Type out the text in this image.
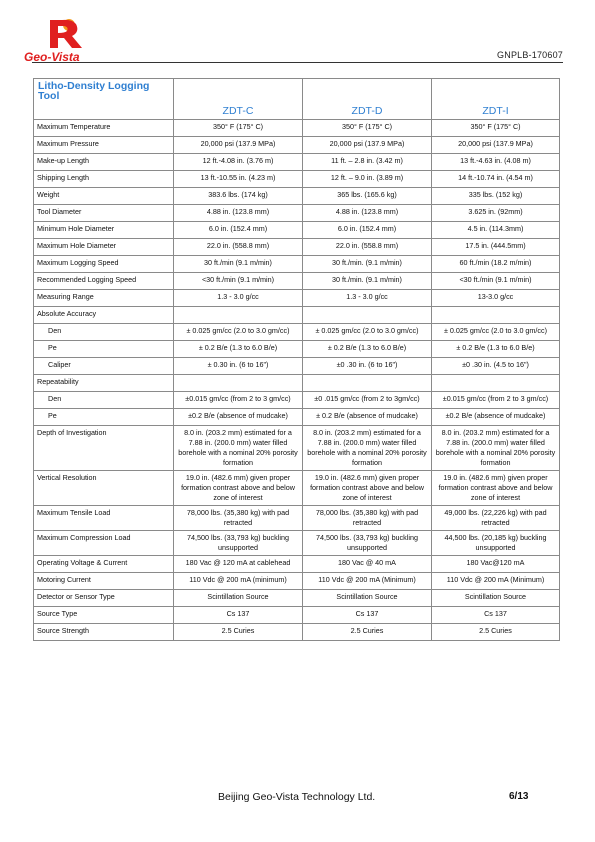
Geo-Vista	GNPLB-170607
Litho-Density Logging Tool			
	ZDT-C	ZDT-D	ZDT-I
Maximum Temperature	350° F (175° C)	350° F (175° C)	350° F (175° C)
Maximum Pressure	20,000 psi (137.9 MPa)	20,000 psi (137.9 MPa)	20,000 psi (137.9 MPa)
Make-up Length	12 ft.-4.08 in. (3.76 m)	11 ft. – 2.8 in. (3.42 m)	13 ft.-4.63 in. (4.08 m)
Shipping Length	13 ft.-10.55 in. (4.23 m)	12 ft. – 9.0 in. (3.89 m)	14 ft.-10.74 in. (4.54 m)
Weight	383.6 lbs. (174 kg)	365 lbs. (165.6 kg)	335 lbs. (152 kg)
Tool Diameter	4.88 in. (123.8 mm)	4.88 in. (123.8 mm)	3.625 in. (92mm)
Minimum Hole Diameter	6.0 in. (152.4 mm)	6.0 in. (152.4 mm)	4.5 in. (114.3mm)
Maximum Hole Diameter	22.0 in. (558.8 mm)	22.0 in. (558.8 mm)	17.5 in. (444.5mm)
Maximum Logging Speed	30 ft./min (9.1 m/min)	30 ft./min. (9.1 m/min)	60 ft./min (18.2 m/min)
Recommended Logging Speed	<30 ft./min (9.1 m/min)	30 ft./min. (9.1 m/min)	<30 ft./min (9.1 m/min)
Measuring Range	1.3 - 3.0 g/cc	1.3 - 3.0 g/cc	13-3.0 g/cc
Absolute Accuracy			
Den	± 0.025 gm/cc (2.0 to 3.0 gm/cc)	± 0.025 gm/cc (2.0 to 3.0 gm/cc)	± 0.025 gm/cc (2.0 to 3.0 gm/cc)
Pe	± 0.2 B/e (1.3 to 6.0 B/e)	± 0.2 B/e (1.3 to 6.0 B/e)	± 0.2 B/e (1.3 to 6.0 B/e)
Caliper	± 0.30 in. (6 to 16")	±0 .30 in. (6 to 16")	±0 .30 in. (4.5 to 16")
Repeatability			
Den	±0.015 gm/cc (from 2 to 3 gm/cc)	±0 .015 gm/cc (from 2 to 3gm/cc)	±0.015 gm/cc (from 2 to 3 gm/cc)
Pe	±0.2 B/e (absence of mudcake)	± 0.2 B/e (absence of mudcake)	±0.2 B/e (absence of mudcake)
Depth of Investigation	8.0 in. (203.2 mm) estimated for a 7.88 in. (200.0 mm) water filled borehole with a nominal 20% porosity formation	8.0 in. (203.2 mm) estimated for a 7.88 in. (200.0 mm) water filled borehole with a nominal 20% porosity formation	8.0 in. (203.2 mm) estimated for a 7.88 in. (200.0 mm) water filled borehole with a nominal 20% porosity formation
Vertical Resolution	19.0 in. (482.6 mm) given proper formation contrast above and below zone of interest	19.0 in. (482.6 mm) given proper formation contrast above and below zone of interest	19.0 in. (482.6 mm) given proper formation contrast above and below zone of interest
Maximum Tensile Load	78,000 lbs. (35,380 kg) with pad retracted	78,000 lbs. (35,380 kg) with pad retracted	49,000 lbs. (22,226 kg) with pad retracted
Maximum Compression Load	74,500 lbs. (33,793 kg) buckling unsupported	74,500 lbs. (33,793 kg) buckling unsupported	44,500 lbs. (20,185 kg) buckling unsupported
Operating Voltage & Current	180 Vac @ 120 mA at cablehead	180 Vac @ 40 mA	180 Vac@120 mA
Motoring Current	110 Vdc @ 200 mA (minimum)	110 Vdc @ 200 mA (Minimum)	110 Vdc @ 200 mA (Minimum)
Detector or Sensor Type	Scintillation Source	Scintillation Source	Scintillation Source
Source Type	Cs 137	Cs 137	Cs 137
Source Strength	2.5 Curies	2.5 Curies	2.5 Curies
Beijing Geo-Vista Technology Ltd.	6/13
